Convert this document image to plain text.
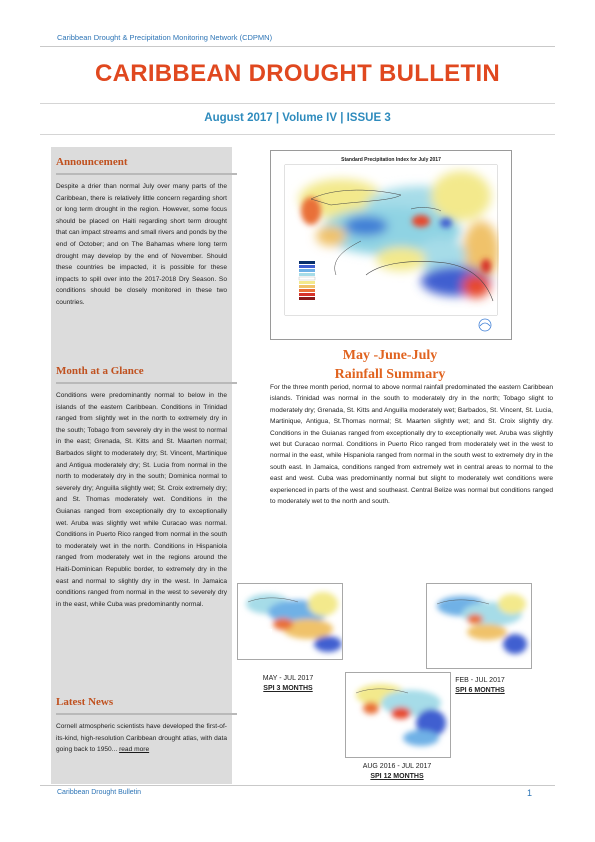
Caribbean Drought & Precipitation Monitoring Network (CDPMN)
CARIBBEAN DROUGHT BULLETIN
August 2017 | Volume IV | ISSUE 3
Announcement
Despite a drier than normal July over many parts of the Caribbean, there is relatively little concern regarding short or long term drought in the region. However, some focus should be placed on Haiti regarding short term drought that can impact streams and small rivers and ponds by the end of October; and on The Bahamas where long term drought may develop by the end of November. Should these countries be impacted, it is possible for these impacts to spill over into the 2017-2018 Dry Season. So conditions should be closely monitored in these two countries.
Month at a Glance
Conditions were predominantly normal to below in the islands of the eastern Caribbean. Conditions in Trinidad ranged from slightly wet in the north to extremely dry in the south; Tobago from severely dry in the west to normal in the east; Grenada, St. Kitts and St. Maarten normal; Barbados slight to moderately dry; St. Vincent, Martinique and Antigua moderately dry; St. Lucia from normal in the north to moderately dry in the south; Dominica normal to severely dry; Anguilla slightly wet; St. Croix extremely dry; and St. Thomas moderately wet. Conditions in the Guianas ranged from exceptionally dry to exceptionally wet. Aruba was slightly wet while Curacao was normal. Conditions in Puerto Rico ranged from normal in the south to moderately wet in the north. Conditions in Hispaniola ranged from moderately wet in the regions around the Haiti-Dominican Republic border, to extremely dry in the east and normal to slightly dry in the west. In Jamaica conditions ranged from normal in the west to severely dry in the east, while Cuba was predominantly normal.
Latest News
Cornell atmospheric scientists have developed the first-of-its-kind, high-resolution Caribbean drought atlas, with data going back to 1950... read more
Standard Precipitation Index for July 2017
May -June-July
Rainfall Summary
For the three month period, normal to above normal rainfall predominated the eastern Caribbean islands. Trinidad was normal in the south to moderately dry in the north; Tobago slight to moderately dry; Grenada, St. Kitts and Anguilla moderately wet; Barbados, St. Vincent, St. Lucia, Martinique, Antigua, St.Thomas normal; St. Maarten slightly wet; and St. Croix slightly dry. Conditions in the Guianas ranged from exceptionally dry to exceptionally wet. Aruba was slightly wet but Curacao normal. Conditions in Puerto Rico ranged from moderately wet in the west to normal in the east, while Hispaniola ranged from normal in the south west to extremely dry in the south east. In Jamaica, conditions ranged from extremely wet in central areas to normal to the east and west. Cuba was predominantly normal but slight to moderately wet conditions were experienced in parts of the west and southeast. Central Belize was normal but conditions ranged to moderately wet to the north and south.
MAY - JUL 2017
SPI 3 MONTHS
AUG 2016 - JUL 2017
SPI 12 MONTHS
FEB - JUL 2017
SPI 6 MONTHS
Caribbean Drought Bulletin	1
